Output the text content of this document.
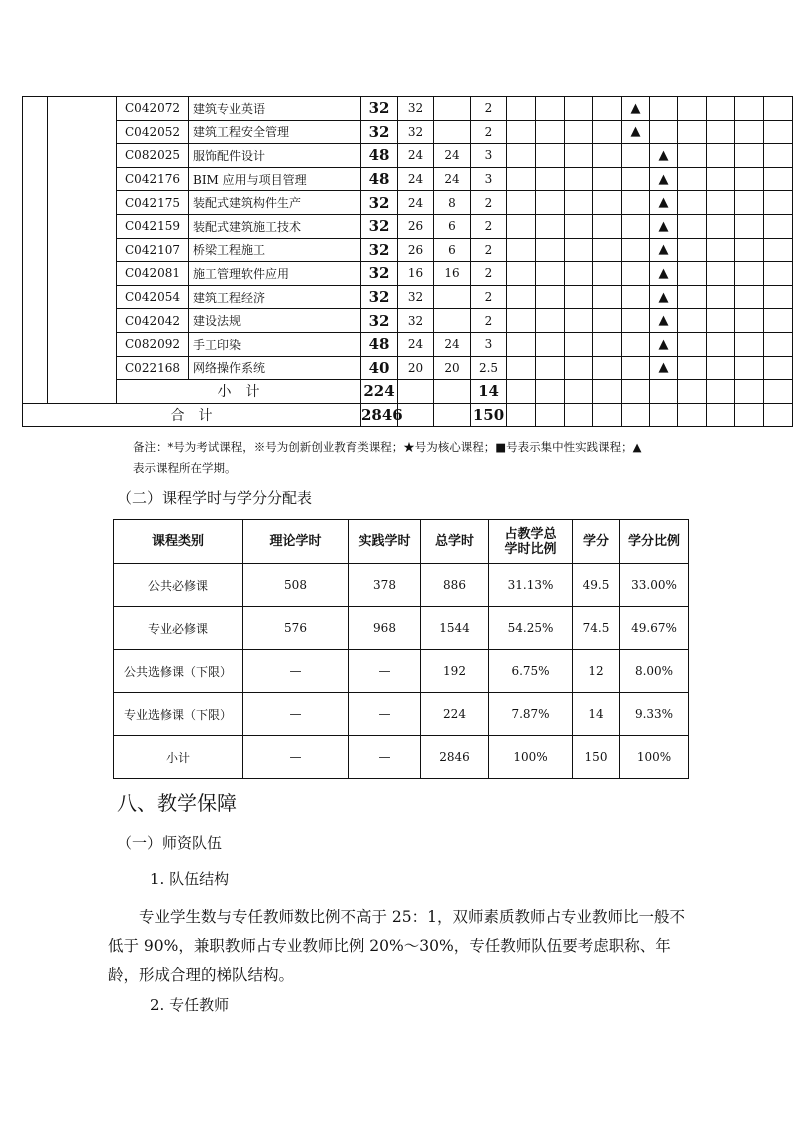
		C042072	建筑专业英语	32	32		2					▲					
		C042052	建筑工程安全管理	32	32		2					▲					
		C082025	服饰配件设计	48	24	24	3						▲				
		C042176	BIM 应用与项目管理	48	24	24	3						▲				
		C042175	装配式建筑构件生产	32	24	8	2						▲				
		C042159	装配式建筑施工技术	32	26	6	2						▲				
		C042107	桥梁工程施工	32	26	6	2						▲				
		C042081	施工管理软件应用	32	16	16	2						▲				
		C042054	建筑工程经济	32	32		2						▲				
		C042042	建设法规	32	32		2						▲				
		C082092	手工印染	48	24	24	3						▲				
		C022168	网络操作系统	40	20	20	2.5						▲				
		小　计		224			14										
合　计				2846			150										
备注：*号为考试课程，※号为创新创业教育类课程；★号为核心课程；■号表示集中性实践课程；▲
表示课程所在学期。
（二）课程学时与学分分配表
课程类别	理论学时	实践学时	总学时	占教学总学时比例	学分	学分比例
公共必修课	508	378	886	31.13%	49.5	33.00%
专业必修课	576	968	1544	54.25%	74.5	49.67%
公共选修课（下限）	—	—	192	6.75%	12	8.00%
专业选修课（下限）	—	—	224	7.87%	14	9.33%
小计	—	—	2846	100%	150	100%
八、教学保障
（一）师资队伍
1. 队伍结构
专业学生数与专任教师数比例不高于 25：1，双师素质教师占专业教师比一般不低于 90%，兼职教师占专业教师比例 20%～30%，专任教师队伍要考虑职称、年龄，形成合理的梯队结构。
2. 专任教师
